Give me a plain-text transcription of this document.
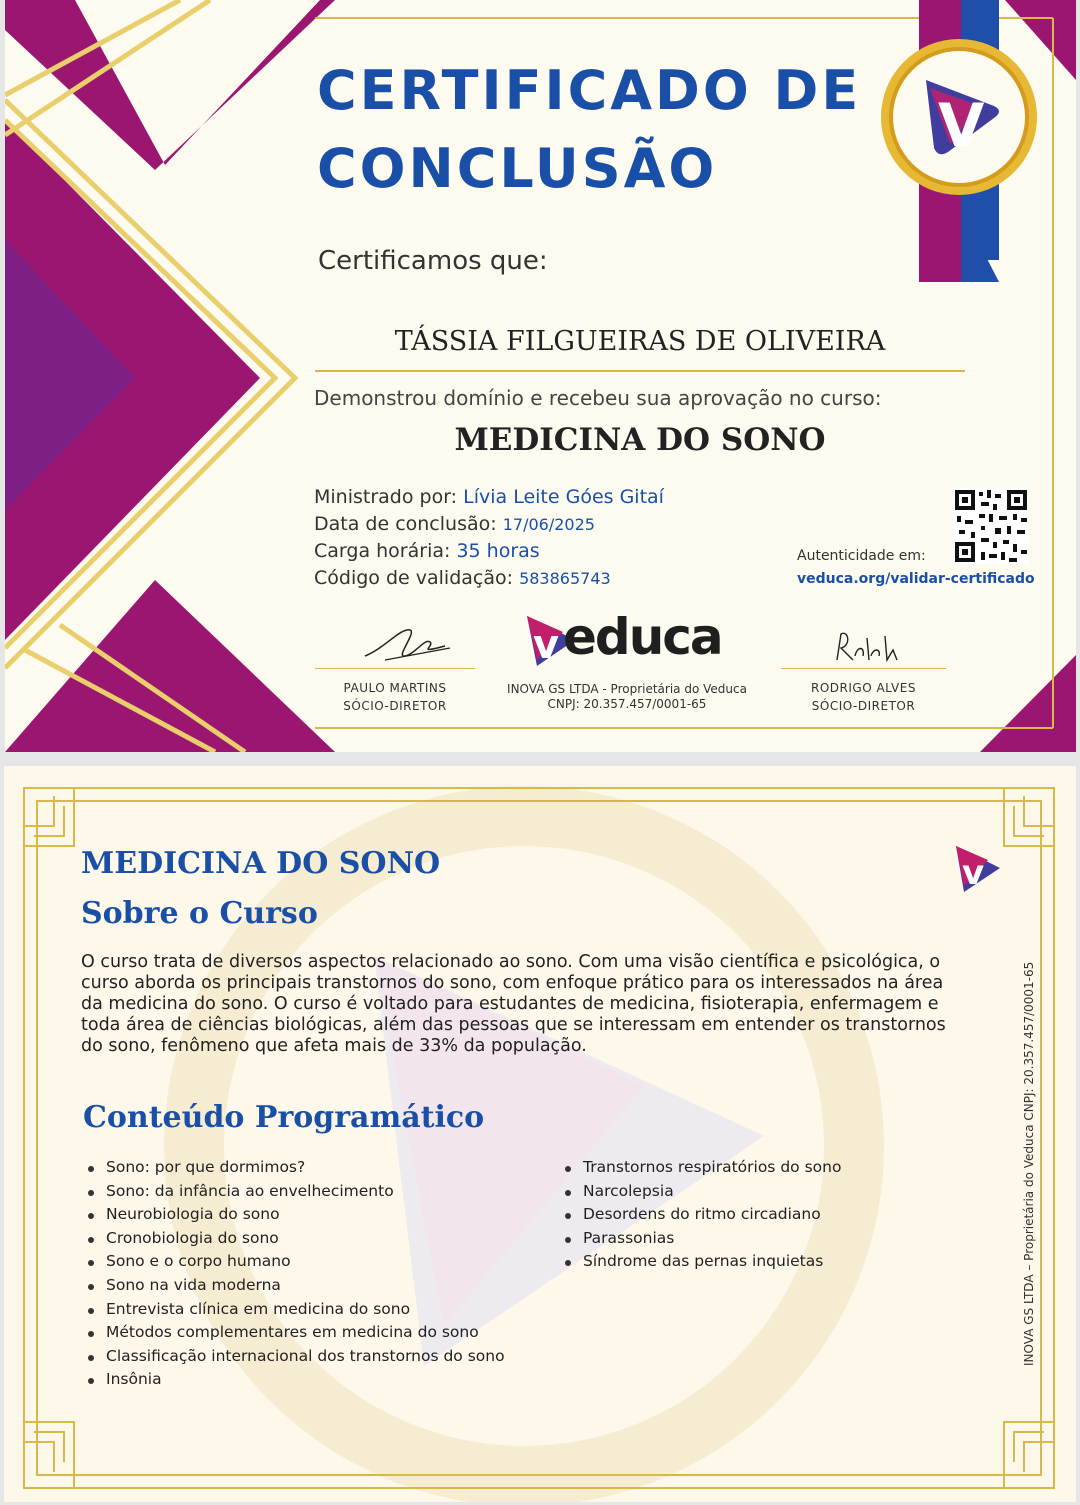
V
CERTIFICADO DE
CONCLUSÃO
Certificamos que:
TÁSSIA FILGUEIRAS DE OLIVEIRA
Demonstrou domínio e recebeu sua aprovação no curso:
MEDICINA DO SONO
Ministrado por: Lívia Leite Góes Gitaí
Data de conclusão: 17/06/2025
Carga horária: 35 horas
Código de validação: 583865743
Autenticidade em:
veduca.org/validar-certificado
PAULO MARTINS
SÓCIO-DIRETOR
RODRIGO ALVES
SÓCIO-DIRETOR
v educa
INOVA GS LTDA - Proprietária do Veduca
CNPJ: 20.357.457/0001-65
v
MEDICINA DO SONO
Sobre o Curso
O curso trata de diversos aspectos relacionado ao sono. Com uma visão científica e psicológica, o curso aborda os principais transtornos do sono, com enfoque prático para os interessados na área da medicina do sono. O curso é voltado para estudantes de medicina, fisioterapia, enfermagem e toda área de ciências biológicas, além das pessoas que se interessam em entender os transtornos do sono, fenômeno que afeta mais de 33% da população.
Conteúdo Programático
Sono: por que dormimos?
Sono: da infância ao envelhecimento
Neurobiologia do sono
Cronobiologia do sono
Sono e o corpo humano
Sono na vida moderna
Entrevista clínica em medicina do sono
Métodos complementares em medicina do sono
Classificação internacional dos transtornos do sono
Insônia
Transtornos respiratórios do sono
Narcolepsia
Desordens do ritmo circadiano
Parassonias
Síndrome das pernas inquietas	INOVA GS LTDA – Proprietária do Veduca CNPJ: 20.357.457/0001-65
